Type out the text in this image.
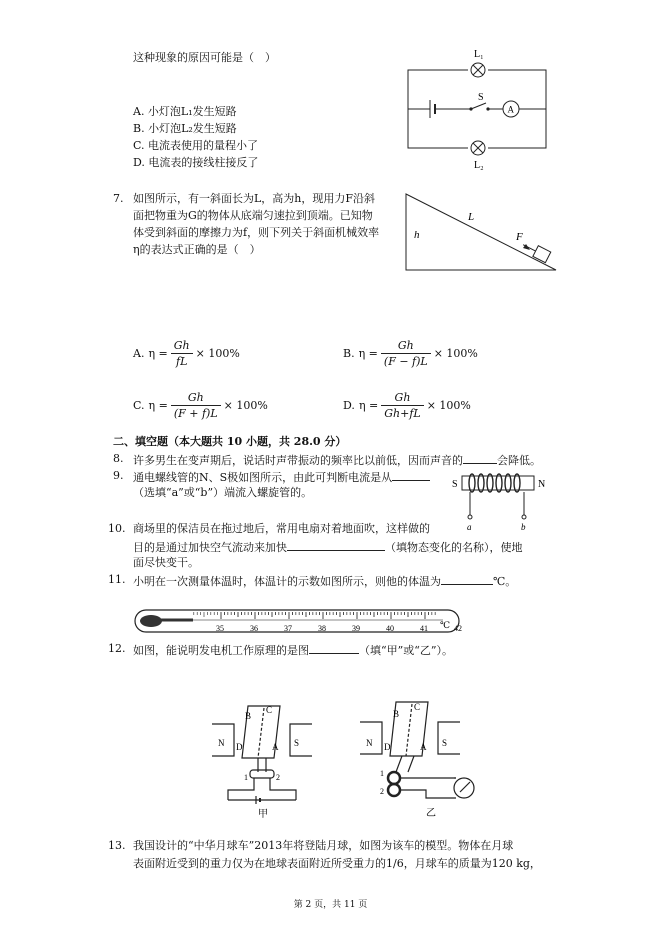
这种现象的原因可能是（　）	L₁
S
A
L₂
A. 小灯泡L₁发生短路
B. 小灯泡L₂发生短路
C. 电流表使用的量程小了
D. 电流表的接线柱接反了
7. 如图所示，有一斜面长为L，高为h，现用力F沿斜
面把物重为G的物体从底端匀速拉到顶端。已知物
体受到斜面的摩擦力为f，则下列关于斜面机械效率
η的表达式正确的是（　）
h
L
F
A. $\eta = \frac{Gh}{fL} \times 100\%$	B. $\eta = \frac{Gh}{(F - f)L} \times 100\%$
C. $\eta = \frac{Gh}{(F + f)L} \times 100\%$	D. $\eta = \frac{Gh}{Gh+fL} \times 100\%$
二、填空题（本大题共 10 小题，共 28.0 分）
8. 许多男生在变声期后，说话时声带振动的频率比以前低，因而声音的	会降低。
9. 通电螺线管的N、S极如图所示，由此可判断电流是从
（选填“a”或“b”）端流入螺旋管的。
S	N
a	b
10. 商场里的保洁员在拖过地后，常用电扇对着地面吹，这样做的
目的是通过加快空气流动来加快	（填物态变化的名称），使地
面尽快变干。
11. 小明在一次测量体温时，体温计的示数如图所示，则他的体温为	℃。
35	36	37	38	39	40	41	42
℃
12. 如图，能说明发电机工作原理的是图	（填“甲”或“乙”）。
B
C
N D	A S
1	2
甲
B
C
N D	A S
1
2
乙
13. 我国设计的“中华月球车”2013年将登陆月球，如图为该车的模型。物体在月球
表面附近受到的重力仅为在地球表面附近所受重力的1/6，月球车的质量为120 kg，
第 2 页，共 11 页
